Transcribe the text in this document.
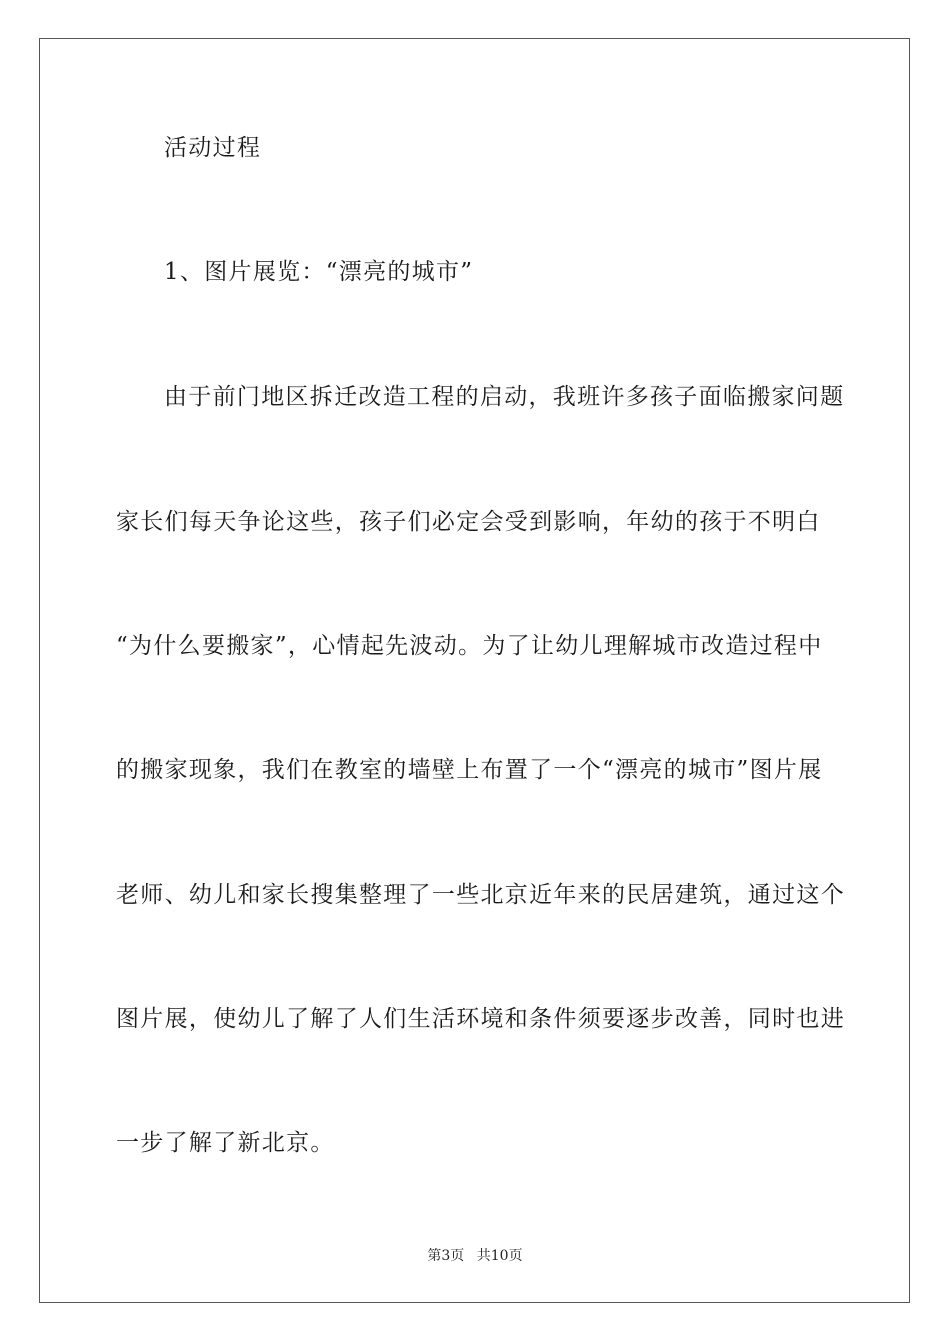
活动过程
1、图片展览：“漂亮的城市”
由于前门地区拆迁改造工程的启动，我班许多孩子面临搬家问题
家长们每天争论这些，孩子们必定会受到影响，年幼的孩于不明白
“为什么要搬家”，心情起先波动。为了让幼儿理解城市改造过程中
的搬家现象，我们在教室的墙壁上布置了一个“漂亮的城市”图片展
老师、幼儿和家长搜集整理了一些北京近年来的民居建筑，通过这个
图片展，使幼儿了解了人们生活环境和条件须要逐步改善，同时也进
一步了解了新北京。
第3页 共10页
